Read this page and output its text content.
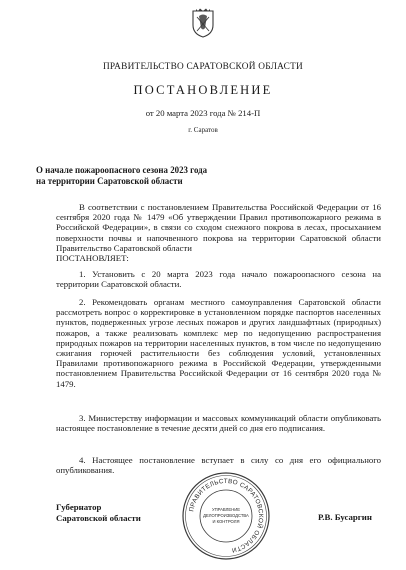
ПРАВИТЕЛЬСТВО САРАТОВСКОЙ ОБЛАСТИ
ПОСТАНОВЛЕНИЕ
от 20 марта 2023 года № 214-П
г. Саратов
О начале пожароопасного сезона 2023 года
на территории Саратовской области

В соответствии с постановлением Правительства Российской Федерации от 16 сентября 2020 года № 1479 «Об утверждении Правил противопожарного режима в Российской Федерации», в связи со сходом снежного покрова в лесах, просыханием поверхности почвы и напочвенного покрова на территории Саратовской области Правительство Саратовской области

ПОСТАНОВЛЯЕТ:

1. Установить с 20 марта 2023 года начало пожароопасного сезона на территории Саратовской области.

2. Рекомендовать органам местного самоуправления Саратовской области рассмотреть вопрос о корректировке в установленном порядке паспортов населенных пунктов, подверженных угрозе лесных пожаров и других ландшафтных (природных) пожаров, а также реализовать комплекс мер по недопущению распространения природных пожаров на территории населенных пунктов, в том числе по недопущению сжигания горючей растительности без соблюдения условий, установленных Правилами противопожарного режима в Российской Федерации, утвержденными постановлением Правительства Российской Федерации от 16 сентября 2020 года № 1479.

3. Министерству информации и массовых коммуникаций области опубликовать настоящее постановление в течение десяти дней со дня его подписания.

4. Настоящее постановление вступает в силу со дня его официального опубликования.

Губернатор
Саратовской области
ПРАВИТЕЛЬСТВО САРАТОВСКОЙ ОБЛАСТИ
УПРАВЛЕНИЕ
ДЕЛОПРОИЗВОДСТВА
И КОНТРОЛЯ	Р.В. Бусаргин
